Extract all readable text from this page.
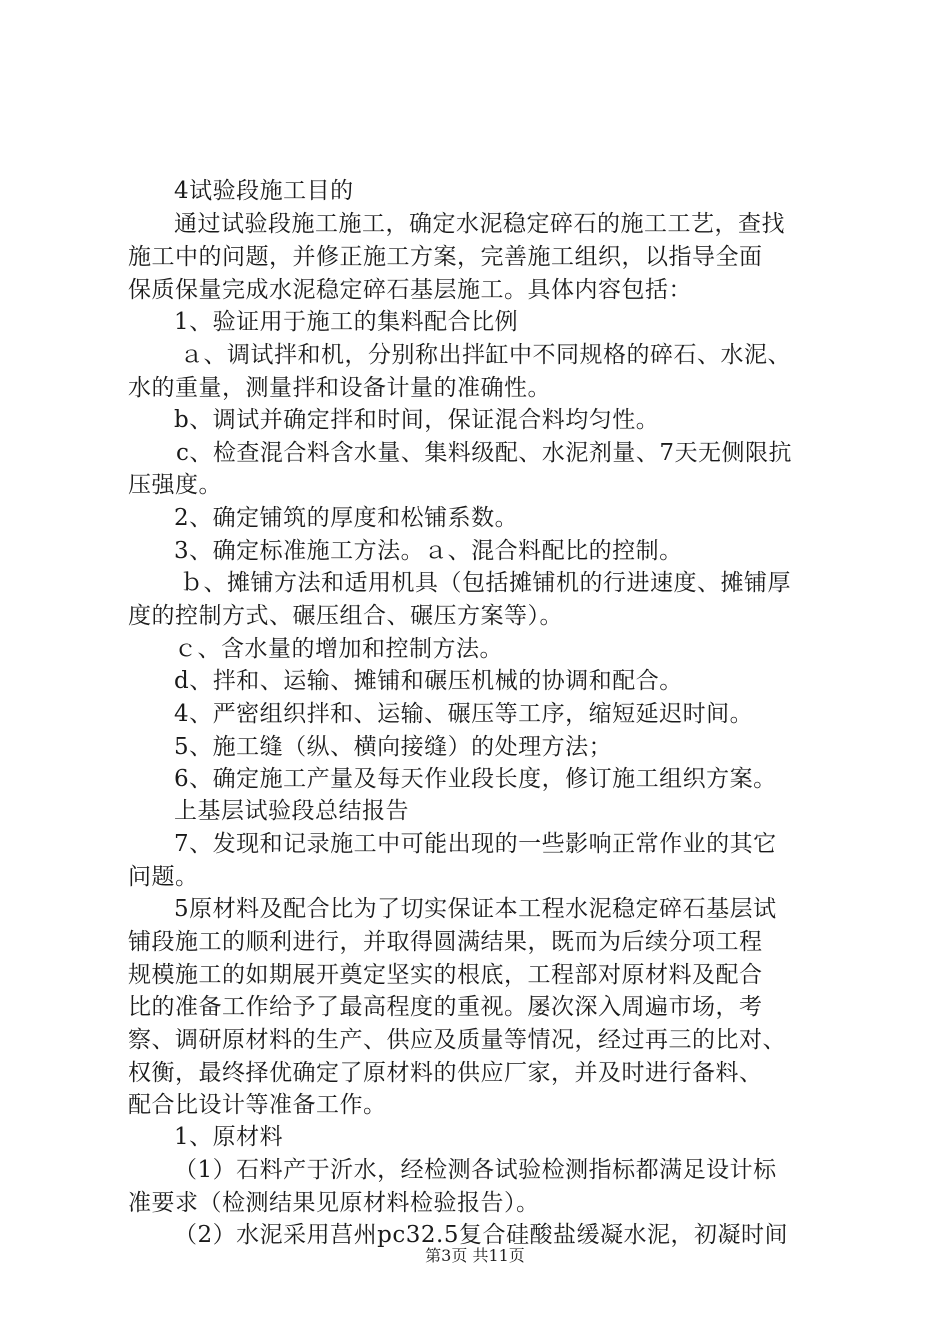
4试验段施工目的
通过试验段施工施工，确定水泥稳定碎石的施工工艺，查找
施工中的问题，并修正施工方案，完善施工组织，以指导全面
保质保量完成水泥稳定碎石基层施工。具体内容包括：
1、验证用于施工的集料配合比例
ａ、调试拌和机，分别称出拌缸中不同规格的碎石、水泥、
水的重量，测量拌和设备计量的准确性。
b、调试并确定拌和时间，保证混合料均匀性。
c、检查混合料含水量、集料级配、水泥剂量、7天无侧限抗
压强度。
2、确定铺筑的厚度和松铺系数。
3、确定标准施工方法。ａ、混合料配比的控制。
ｂ、摊铺方法和适用机具（包括摊铺机的行进速度、摊铺厚
度的控制方式、碾压组合、碾压方案等）。
ｃ、含水量的增加和控制方法。
d、拌和、运输、摊铺和碾压机械的协调和配合。
4、严密组织拌和、运输、碾压等工序，缩短延迟时间。
5、施工缝（纵、横向接缝）的处理方法；
6、确定施工产量及每天作业段长度，修订施工组织方案。
上基层试验段总结报告
7、发现和记录施工中可能出现的一些影响正常作业的其它
问题。
5原材料及配合比为了切实保证本工程水泥稳定碎石基层试
铺段施工的顺利进行，并取得圆满结果，既而为后续分项工程
规模施工的如期展开奠定坚实的根底，工程部对原材料及配合
比的准备工作给予了最高程度的重视。屡次深入周遍市场，考
察、调研原材料的生产、供应及质量等情况，经过再三的比对、
权衡，最终择优确定了原材料的供应厂家，并及时进行备料、
配合比设计等准备工作。
1、原材料
（1）石料产于沂水，经检测各试验检测指标都满足设计标
准要求（检测结果见原材料检验报告）。
（2）水泥采用莒州pc32.5复合硅酸盐缓凝水泥，初凝时间
第3页 共11页
